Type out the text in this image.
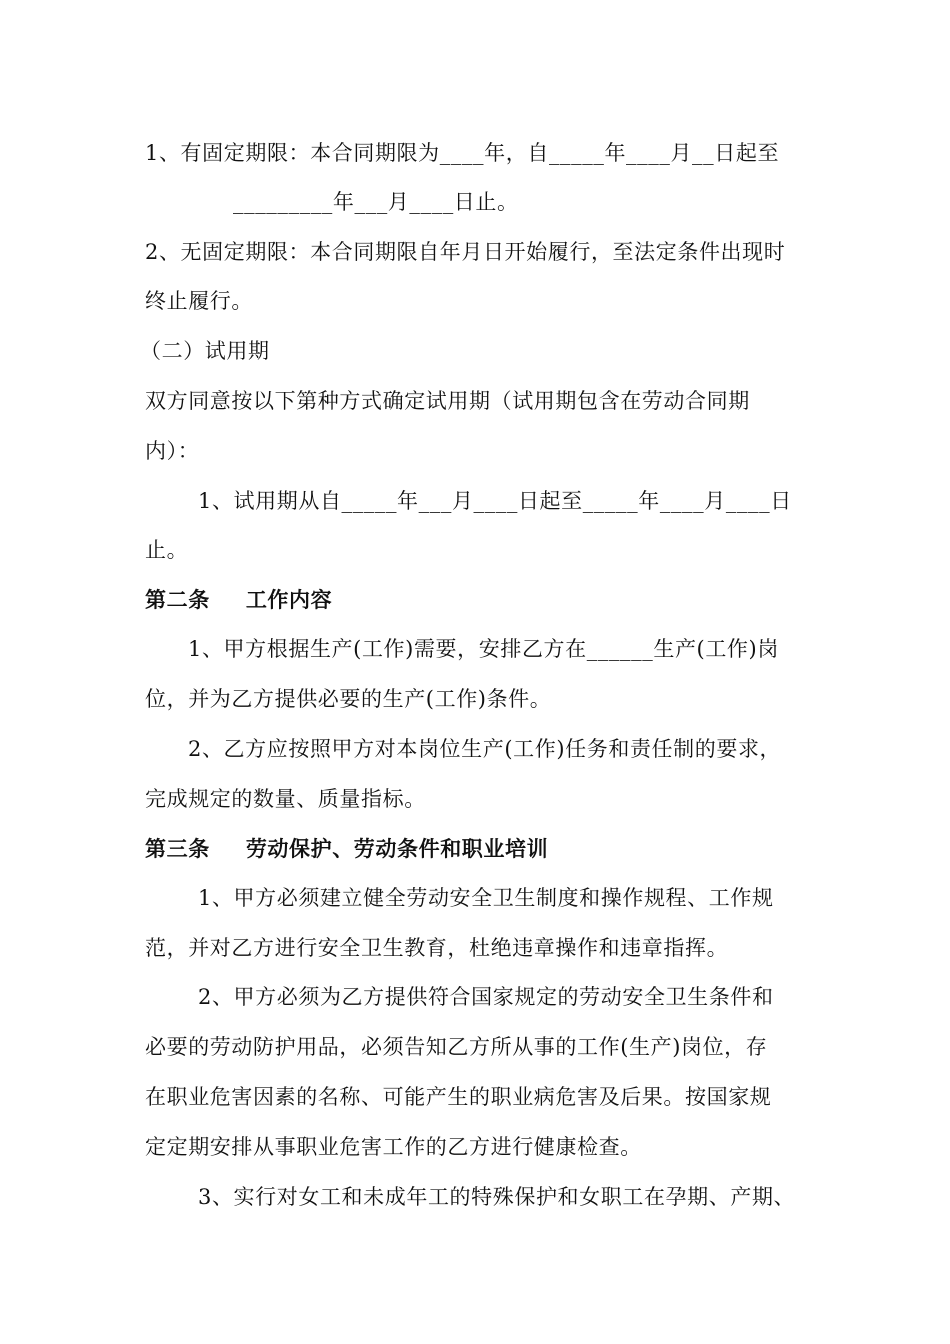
1、有固定期限：本合同期限为____年，自_____年____月__日起至
_________年___月____日止。
2、无固定期限：本合同期限自年月日开始履行，至法定条件出现时
终止履行。
（二）试用期
双方同意按以下第种方式确定试用期（试用期包含在劳动合同期
内）：
1、试用期从自_____年___月____日起至_____年____月____日
止。
第二条 工作内容
1、甲方根据生产(工作)需要，安排乙方在______生产(工作)岗
位，并为乙方提供必要的生产(工作)条件。
2、乙方应按照甲方对本岗位生产(工作)任务和责任制的要求，
完成规定的数量、质量指标。
第三条 劳动保护、劳动条件和职业培训
1、甲方必须建立健全劳动安全卫生制度和操作规程、工作规
范，并对乙方进行安全卫生教育，杜绝违章操作和违章指挥。
2、甲方必须为乙方提供符合国家规定的劳动安全卫生条件和
必要的劳动防护用品，必须告知乙方所从事的工作(生产)岗位，存
在职业危害因素的名称、可能产生的职业病危害及后果。按国家规
定定期安排从事职业危害工作的乙方进行健康检查。
3、实行对女工和未成年工的特殊保护和女职工在孕期、产期、
